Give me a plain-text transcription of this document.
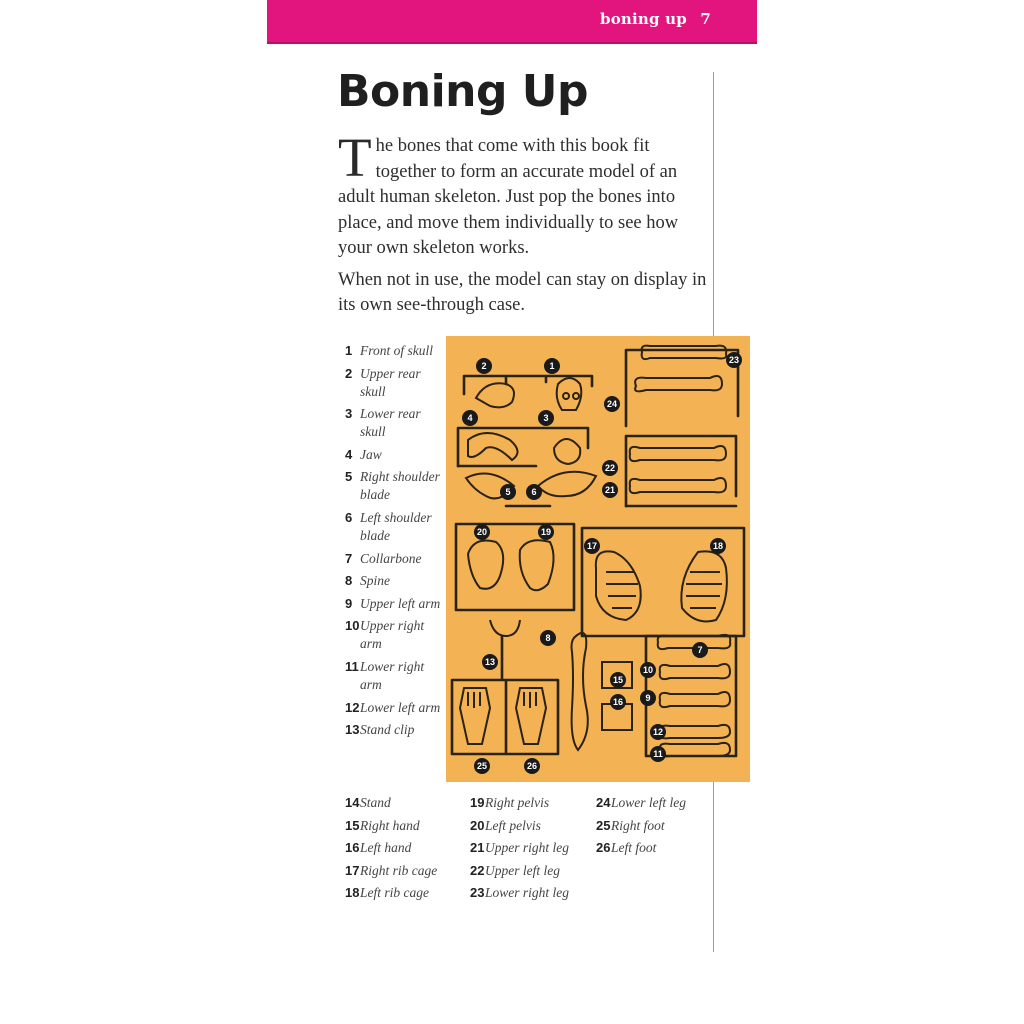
boning up 7
Boning Up

The bones that come with this book fit together to form an accurate model of an adult human skeleton. Just pop the bones into place, and move them individually to see how your own skeleton works.

When not in use, the model can stay on display in its own see-through case.

1 Front of skull
2 Upper rear skull
3 Lower rear skull
4 Jaw
5 Right shoulder blade
6 Left shoulder blade
7 Collarbone
8 Spine
9 Upper left arm
10 Upper right arm
11 Lower right arm
12 Lower left arm
13 Stand clip
14 Stand
15 Right hand
16 Left hand
17 Right rib cage
18 Left rib cage
19 Right pelvis
20 Left pelvis
21 Upper right leg
22 Upper left leg
23 Lower right leg
24 Lower left leg
25 Right foot
26 Left foot
1
2
3
4
5 6
7
8
9
10
11
12
13
15
16
17	18
19
20
21
22
23
24
25	26
